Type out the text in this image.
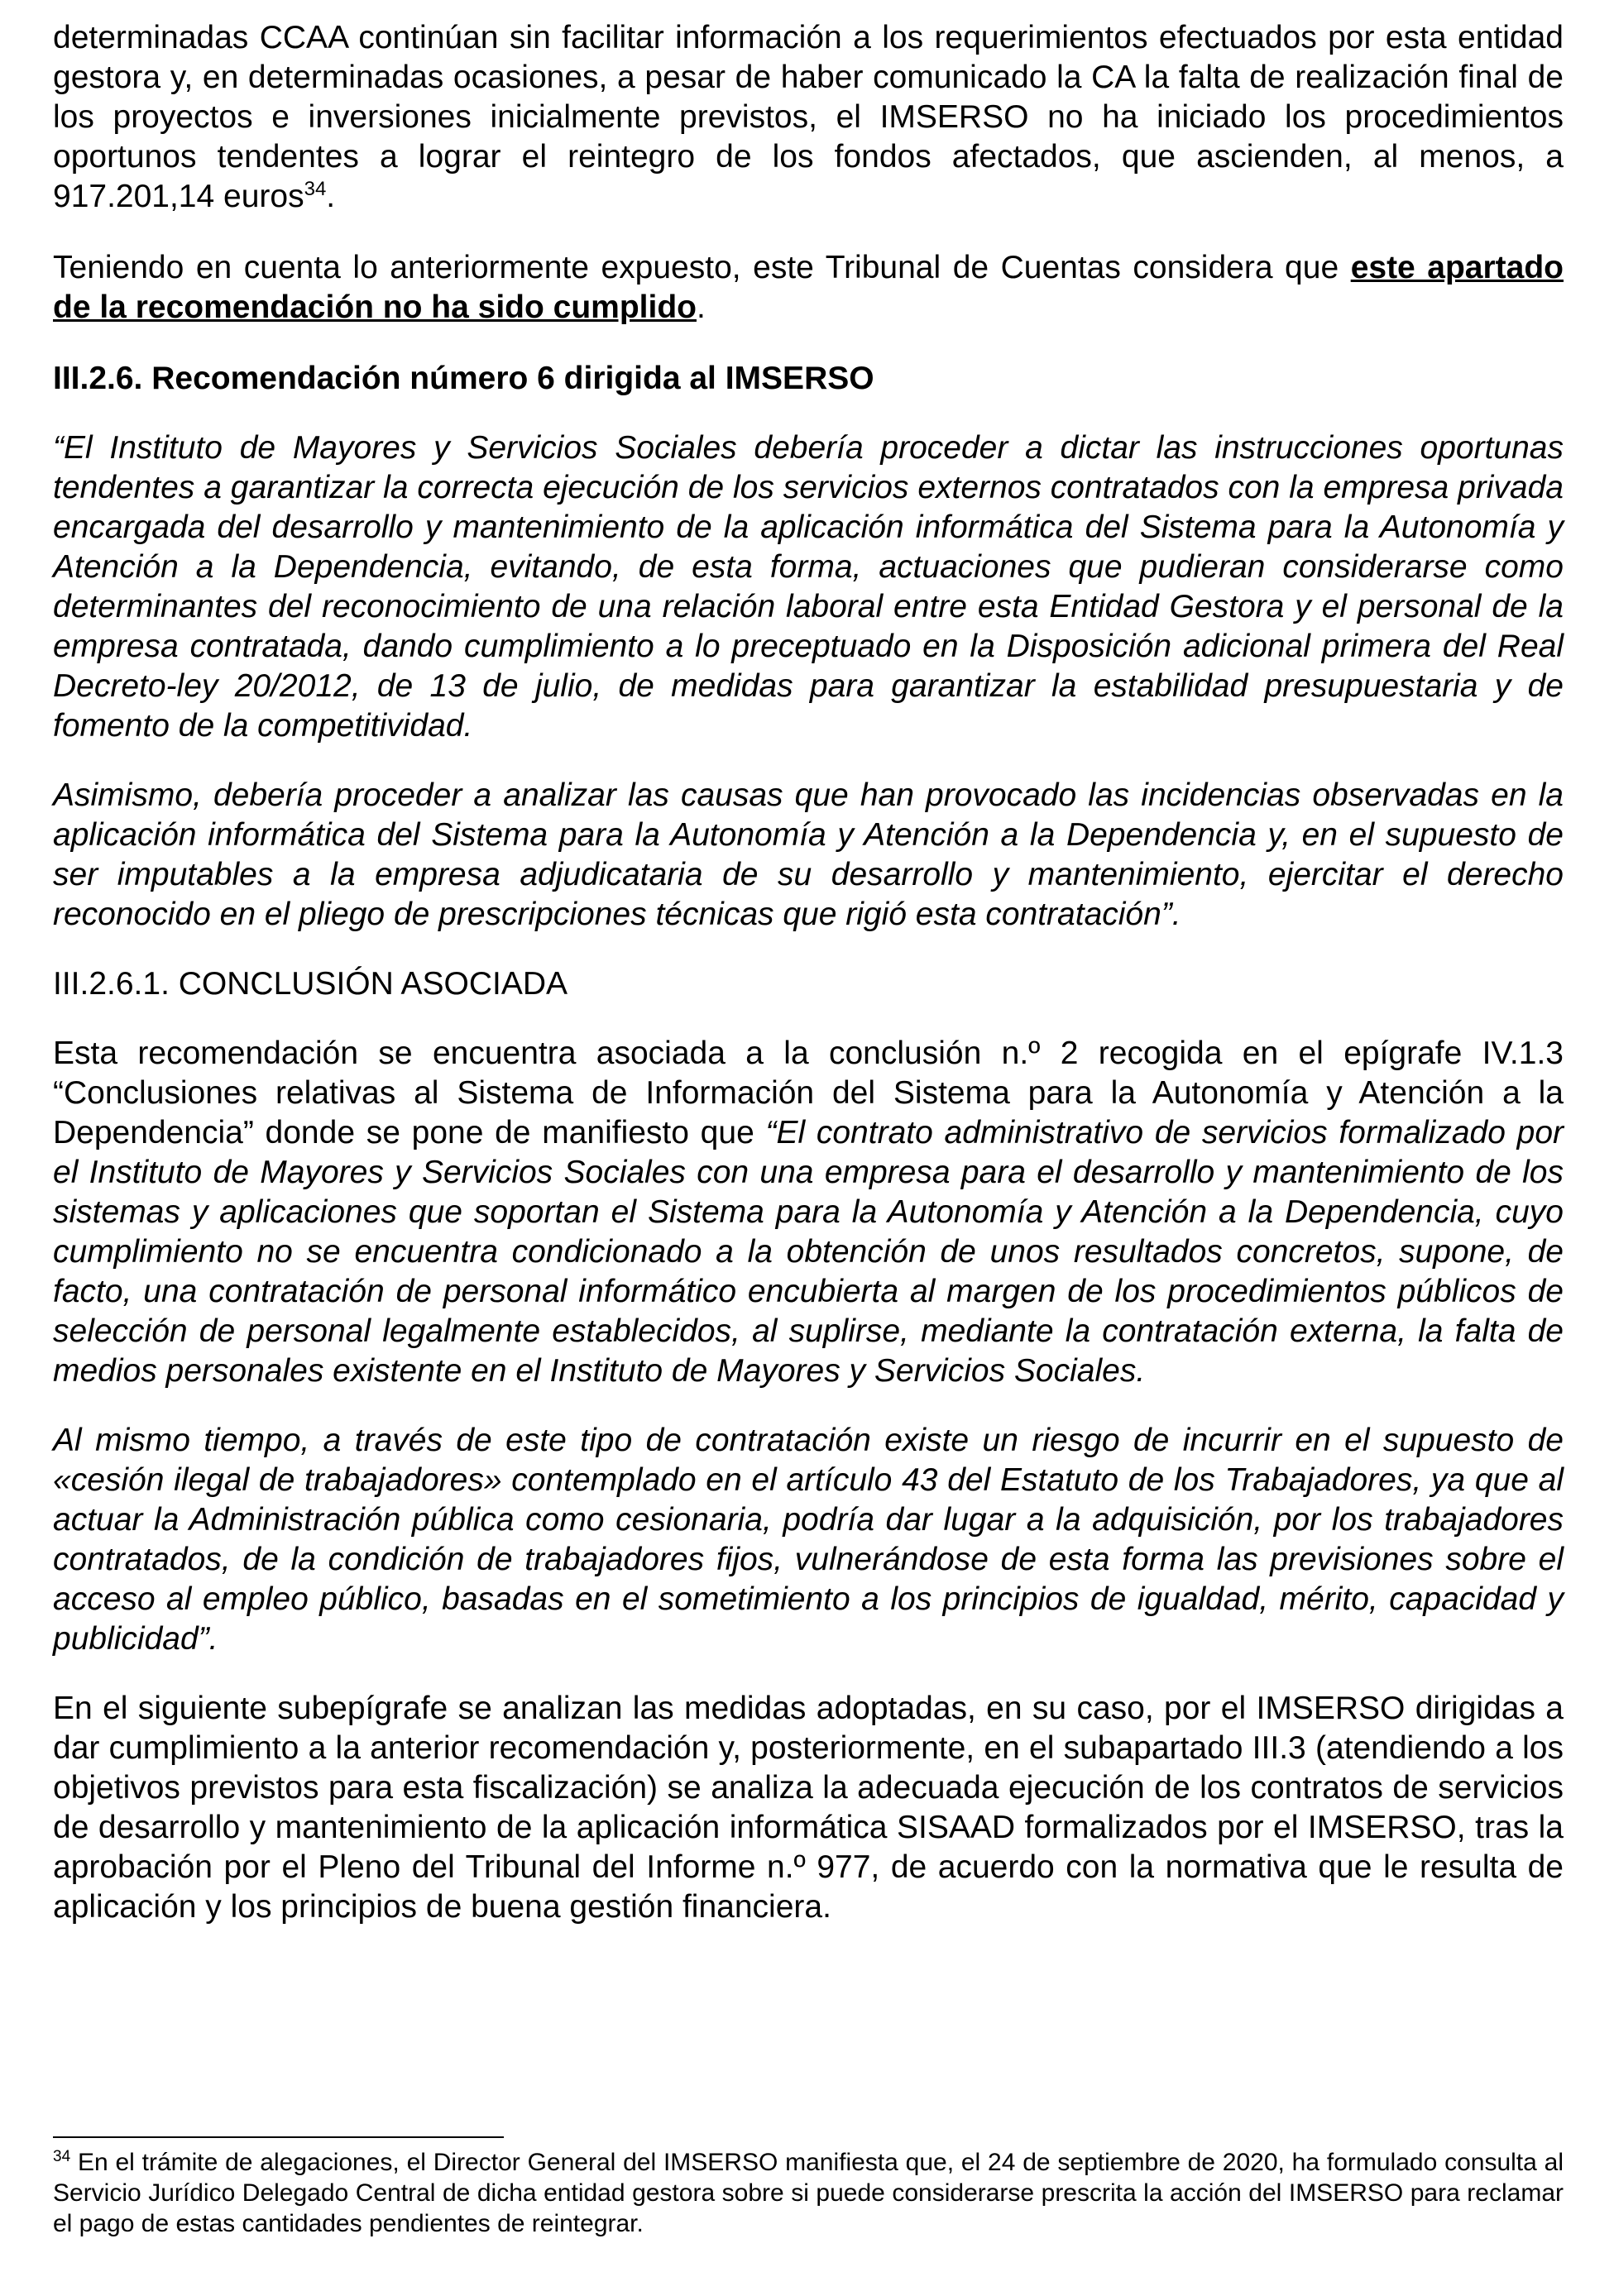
determinadas CCAA continúan sin facilitar información a los requerimientos efectuados por esta entidad gestora y, en determinadas ocasiones, a pesar de haber comunicado la CA la falta de realización final de los proyectos e inversiones inicialmente previstos, el IMSERSO no ha iniciado los procedimientos oportunos tendentes a lograr el reintegro de los fondos afectados, que ascienden, al menos, a 917.201,14 euros$^{34}$.

Teniendo en cuenta lo anteriormente expuesto, este Tribunal de Cuentas considera que este apartado de la recomendación no ha sido cumplido.

III.2.6. Recomendación número 6 dirigida al IMSERSO

“El Instituto de Mayores y Servicios Sociales debería proceder a dictar las instrucciones oportunas tendentes a garantizar la correcta ejecución de los servicios externos contratados con la empresa privada encargada del desarrollo y mantenimiento de la aplicación informática del Sistema para la Autonomía y Atención a la Dependencia, evitando, de esta forma, actuaciones que pudieran considerarse como determinantes del reconocimiento de una relación laboral entre esta Entidad Gestora y el personal de la empresa contratada, dando cumplimiento a lo preceptuado en la Disposición adicional primera del Real Decreto-ley 20/2012, de 13 de julio, de medidas para garantizar la estabilidad presupuestaria y de fomento de la competitividad.

Asimismo, debería proceder a analizar las causas que han provocado las incidencias observadas en la aplicación informática del Sistema para la Autonomía y Atención a la Dependencia y, en el supuesto de ser imputables a la empresa adjudicataria de su desarrollo y mantenimiento, ejercitar el derecho reconocido en el pliego de prescripciones técnicas que rigió esta contratación”.

III.2.6.1. CONCLUSIÓN ASOCIADA

Esta recomendación se encuentra asociada a la conclusión n.º 2 recogida en el epígrafe IV.1.3 “Conclusiones relativas al Sistema de Información del Sistema para la Autonomía y Atención a la Dependencia” donde se pone de manifiesto que “El contrato administrativo de servicios formalizado por el Instituto de Mayores y Servicios Sociales con una empresa para el desarrollo y mantenimiento de los sistemas y aplicaciones que soportan el Sistema para la Autonomía y Atención a la Dependencia, cuyo cumplimiento no se encuentra condicionado a la obtención de unos resultados concretos, supone, de facto, una contratación de personal informático encubierta al margen de los procedimientos públicos de selección de personal legalmente establecidos, al suplirse, mediante la contratación externa, la falta de medios personales existente en el Instituto de Mayores y Servicios Sociales.

Al mismo tiempo, a través de este tipo de contratación existe un riesgo de incurrir en el supuesto de «cesión ilegal de trabajadores» contemplado en el artículo 43 del Estatuto de los Trabajadores, ya que al actuar la Administración pública como cesionaria, podría dar lugar a la adquisición, por los trabajadores contratados, de la condición de trabajadores fijos, vulnerándose de esta forma las previsiones sobre el acceso al empleo público, basadas en el sometimiento a los principios de igualdad, mérito, capacidad y publicidad”.

En el siguiente subepígrafe se analizan las medidas adoptadas, en su caso, por el IMSERSO dirigidas a dar cumplimiento a la anterior recomendación y, posteriormente, en el subapartado III.3 (atendiendo a los objetivos previstos para esta fiscalización) se analiza la adecuada ejecución de los contratos de servicios de desarrollo y mantenimiento de la aplicación informática SISAAD formalizados por el IMSERSO, tras la aprobación por el Pleno del Tribunal del Informe n.º 977, de acuerdo con la normativa que le resulta de aplicación y los principios de buena gestión financiera.

$^{34}$ En el trámite de alegaciones, el Director General del IMSERSO manifiesta que, el 24 de septiembre de 2020, ha formulado consulta al Servicio Jurídico Delegado Central de dicha entidad gestora sobre si puede considerarse prescrita la acción del IMSERSO para reclamar el pago de estas cantidades pendientes de reintegrar.
